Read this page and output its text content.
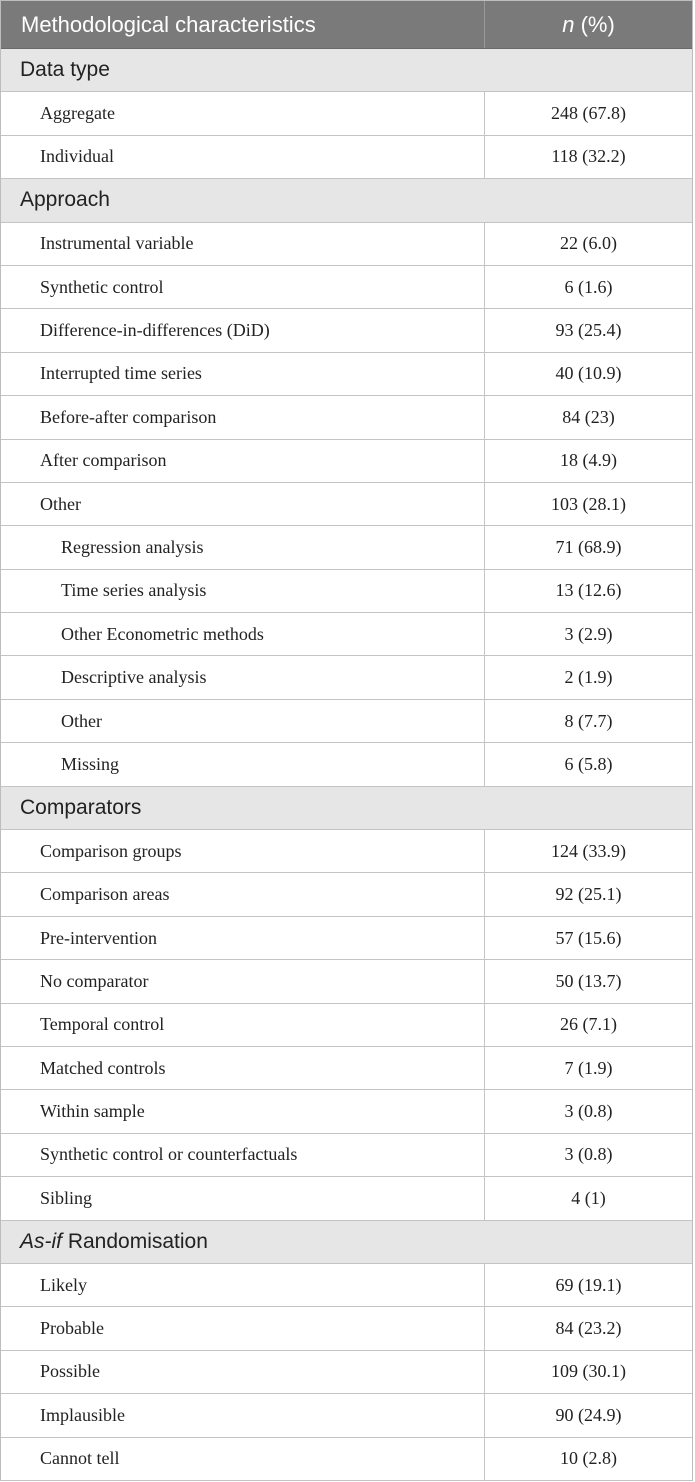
Methodological characteristics	n (%)
Data type
Aggregate	248 (67.8)
Individual	118 (32.2)
Approach
Instrumental variable	22 (6.0)
Synthetic control	6 (1.6)
Difference-in-differences (DiD)	93 (25.4)
Interrupted time series	40 (10.9)
Before-after comparison	84 (23)
After comparison	18 (4.9)
Other	103 (28.1)
Regression analysis	71 (68.9)
Time series analysis	13 (12.6)
Other Econometric methods	3 (2.9)
Descriptive analysis	2 (1.9)
Other	8 (7.7)
Missing	6 (5.8)
Comparators
Comparison groups	124 (33.9)
Comparison areas	92 (25.1)
Pre-intervention	57 (15.6)
No comparator	50 (13.7)
Temporal control	26 (7.1)
Matched controls	7 (1.9)
Within sample	3 (0.8)
Synthetic control or counterfactuals	3 (0.8)
Sibling	4 (1)
As-if Randomisation
Likely	69 (19.1)
Probable	84 (23.2)
Possible	109 (30.1)
Implausible	90 (24.9)
Cannot tell	10 (2.8)
